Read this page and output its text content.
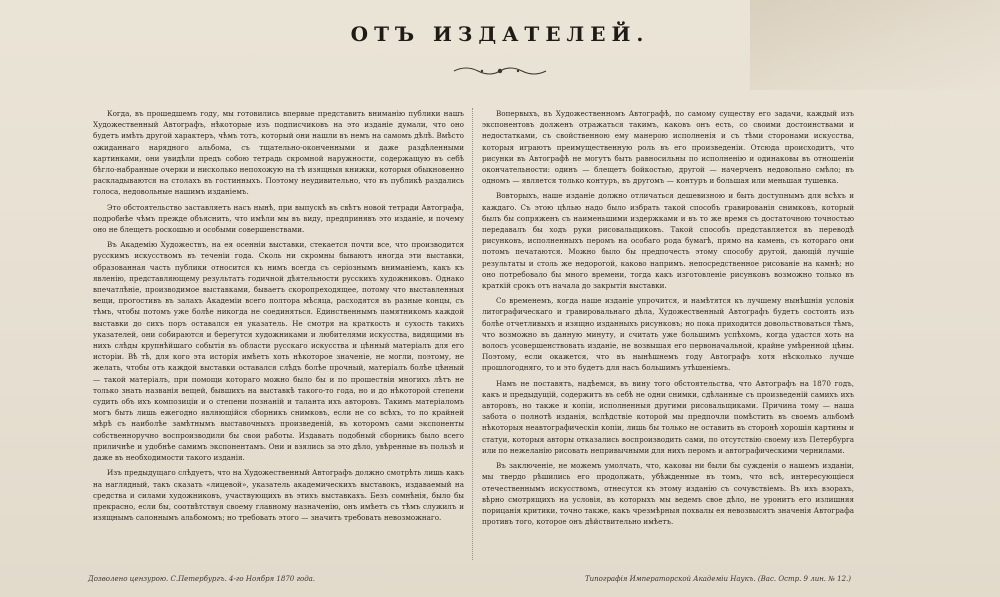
ОТЪ ИЗДАТЕЛЕЙ.

Когда, въ прошедшемъ году, мы готовились впервые представить вниманію публики нашъ Художественный Автографъ, нѣкоторые изъ подписчиковъ на это изданіе думали, что оно будетъ имѣть другой характеръ, чѣмъ тотъ, который они нашли въ немъ на самомъ дѣлѣ. Вмѣсто ожиданнаго нарядного альбома, съ тщательно-оконченными и даже раздѣленными картинками, они увидѣли предъ собою тетрадь скромной наружности, содержащую въ себѣ бѣгло-набранные очерки и нисколько непохожую на тѣ изящныя книжки, которыя обыкновенно раскладываются на столахъ въ гостинныхъ. Поэтому неудивительно, что въ публикѣ раздались голоса, недовольные нашимъ изданіемъ.

Это обстоятельство заставляетъ насъ нынѣ, при выпускѣ въ свѣтъ новой тетради Автографа, подробнѣе чѣмъ прежде объяснить, что имѣли мы въ виду, предпринявъ это изданіе, и почему оно не блещетъ роскошью и особыми совершенствами.

Въ Академію Художествъ, на ея осенніи выставки, стекается почти все, что производится русскимъ искусствомъ въ теченіи года. Сколь ни скромны бываютъ иногда эти выставки, образованная часть публики относится къ нимъ всегда съ серіознымъ вниманіемъ, какъ къ явленію, представляющему результатъ годичной дѣятельности русскихъ художниковъ. Однако впечатлѣніе, производимое выставками, бываетъ скоропреходящее, потому что выставленныя вещи, прогостивъ въ залахъ Академіи всего полтора мѣсяца, расходятся въ разные концы, съ тѣмъ, чтобы потомъ уже болѣе никогда не соединяться. Единственнымъ памятникомъ каждой выставки до сихъ поръ оставался ея указатель. Не смотря на краткость и сухость такихъ указателей, они собираются и берегутся художниками и любителями искусства, видящими въ нихъ слѣды крупнѣйшаго событія въ области русскаго искусства и цѣнный матеріалъ для его исторіи. Вѣ тѣ, для кого эта исторія имѣетъ хоть нѣкоторое значеніе, не могли, поэтому, не желать, чтобы отъ каждой выставки оставался слѣдъ болѣе прочный, матеріалъ болѣе цѣнный — такой матеріалъ, при помощи котораго можно было бы и по прошествіи многихъ лѣтъ не только знать названія вещей, бывшихъ на выставкѣ такого-то года, но и до нѣкоторой степени судить объ ихъ композиціи и о степени познаній и таланта ихъ авторовъ. Такимъ матеріаломъ могъ быть лишь ежегодно являющійся сборникъ снимковъ, если не со всѣхъ, то по крайней мѣрѣ съ наиболѣе замѣтнымъ выставочныхъ произведеній, въ которомъ сами экспоненты собственноручно воспроизводили бы свои работы. Издавать подобный сборникъ было всего приличнѣе и удобнѣе самимъ экспонентамъ. Они и взялись за это дѣло, увѣренные въ пользѣ и даже въ необходимости такого изданія.

Изъ предыдущаго слѣдуетъ, что на Художественный Автографъ должно смотрѣть лишь какъ на наглядный, такъ сказать «лицевой», указатель академическихъ выставокъ, издаваемый на средства и силами художниковъ, участвующихъ въ этихъ выставкахъ. Безъ сомнѣнія, было бы прекрасно, если бы, соотвѣтствуя своему главному назначенію, онъ имѣетъ съ тѣмъ служилъ и изящнымъ салоннымъ альбомомъ; но требовать этого — значитъ требовать невозможнаго.

Вопервыхъ, въ Художественномъ Автографѣ, по самому существу его задачи, каждый изъ экспонентовъ долженъ отражаться такимъ, каковъ онъ есть, со своими достоинствами и недостатками, съ свойственною ему манерою исполненія и съ тѣми сторонами искусства, которыя играютъ преимущественную роль въ его произведеніи. Отсюда происходитъ, что рисунки въ Автографѣ не могутъ быть равносильны по исполненію и одинаковы въ отношеніи окончательности: одинъ — блещетъ бойкостью, другой — начерченъ недовольно смѣло; въ одномъ — является только контуръ, въ другомъ — контуръ и большая или меньшая тушевка.

Вовторыхъ, наше изданіе должно отличаться дешевизною и быть доступнымъ для всѣхъ и каждаго. Съ этою цѣлью надо было избрать такой способъ гравированія снимковъ, который былъ бы сопряженъ съ наименьшими издержками и въ то же время съ достаточною точностью передавалъ бы ходъ руки рисовальщиковъ. Такой способъ представляется въ переводѣ рисунковъ, исполненныхъ перомъ на особаго рода бумагѣ, прямо на камень, съ котораго они потомъ печатаются. Можно было бы предпочесть этому способу другой, дающій лучшіе результаты и столь же недорогой, каково напримъ. непосредственное рисованіе на камнѣ; но оно потребовало бы много времени, тогда какъ изготовленіе рисунковъ возможно только въ краткій срокъ отъ начала до закрытія выставки.

Со временемъ, когда наше изданіе упрочится, и намѣтятся къ лучшему нынѣшнія условія литографическаго и гравировальнаго дѣла, Художественный Автографъ будетъ состоять изъ болѣе отчетливыхъ и изящно изданныхъ рисунковъ; но пока приходится довольствоваться тѣмъ, что возможно въ данную минуту, и считать уже большимъ успѣхомъ, когда удастся хоть на волосъ усовершенствовать изданіе, не возвышая его первоначальной, крайне умѣренной цѣны. Поэтому, если окажется, что въ нынѣшнемъ году Автографъ хотя нѣсколько лучше прошлогодняго, то и это будетъ для насъ большимъ утѣшеніемъ.

Намъ не поставятъ, надѣемся, въ вину того обстоятельства, что Автографъ на 1870 годъ, какъ и предыдущій, содержитъ въ себѣ не одни снимки, сдѣланные съ произведеній самихъ ихъ авторовъ, но также и копіи, исполненныя другими рисовальщиками. Причина тому — наша забота о полнотѣ изданія, вслѣдствіе которой мы предпочли помѣстить въ своемъ альбомѣ нѣкоторыя неавтографическія копіи, лишь бы только не оставить въ сторонѣ хорошія картины и статуи, которыя авторы отказались воспроизводить сами, по отсутствію своему изъ Петербурга или по нежеланію рисовать непривычными для нихъ перомъ и автографическими чернилами.

Въ заключеніе, не можемъ умолчать, что, каковы ни были бы сужденія о нашемъ изданіи, мы твердо рѣшились его продолжать, убѣжденные въ томъ, что всѣ, интересующіеся отечественнымъ искусствомъ, отнесутся къ этому изданію съ сочувствіемъ. Въ ихъ взорахъ, вѣрно смотрящихъ на условія, въ которыхъ мы ведемъ свое дѣло, не уронитъ его излишняя порицанія критики, точно также, какъ чрезмѣрныя похвалы ея невозвысятъ значенія Автографа противъ того, которое онъ дѣйствительно имѣетъ.

Дозволено цензурою. С.Петербургъ. 4-го Ноября 1870 года.	Типографія Императорской Академіи Наукъ. (Вас. Остр. 9 лин. № 12.)
